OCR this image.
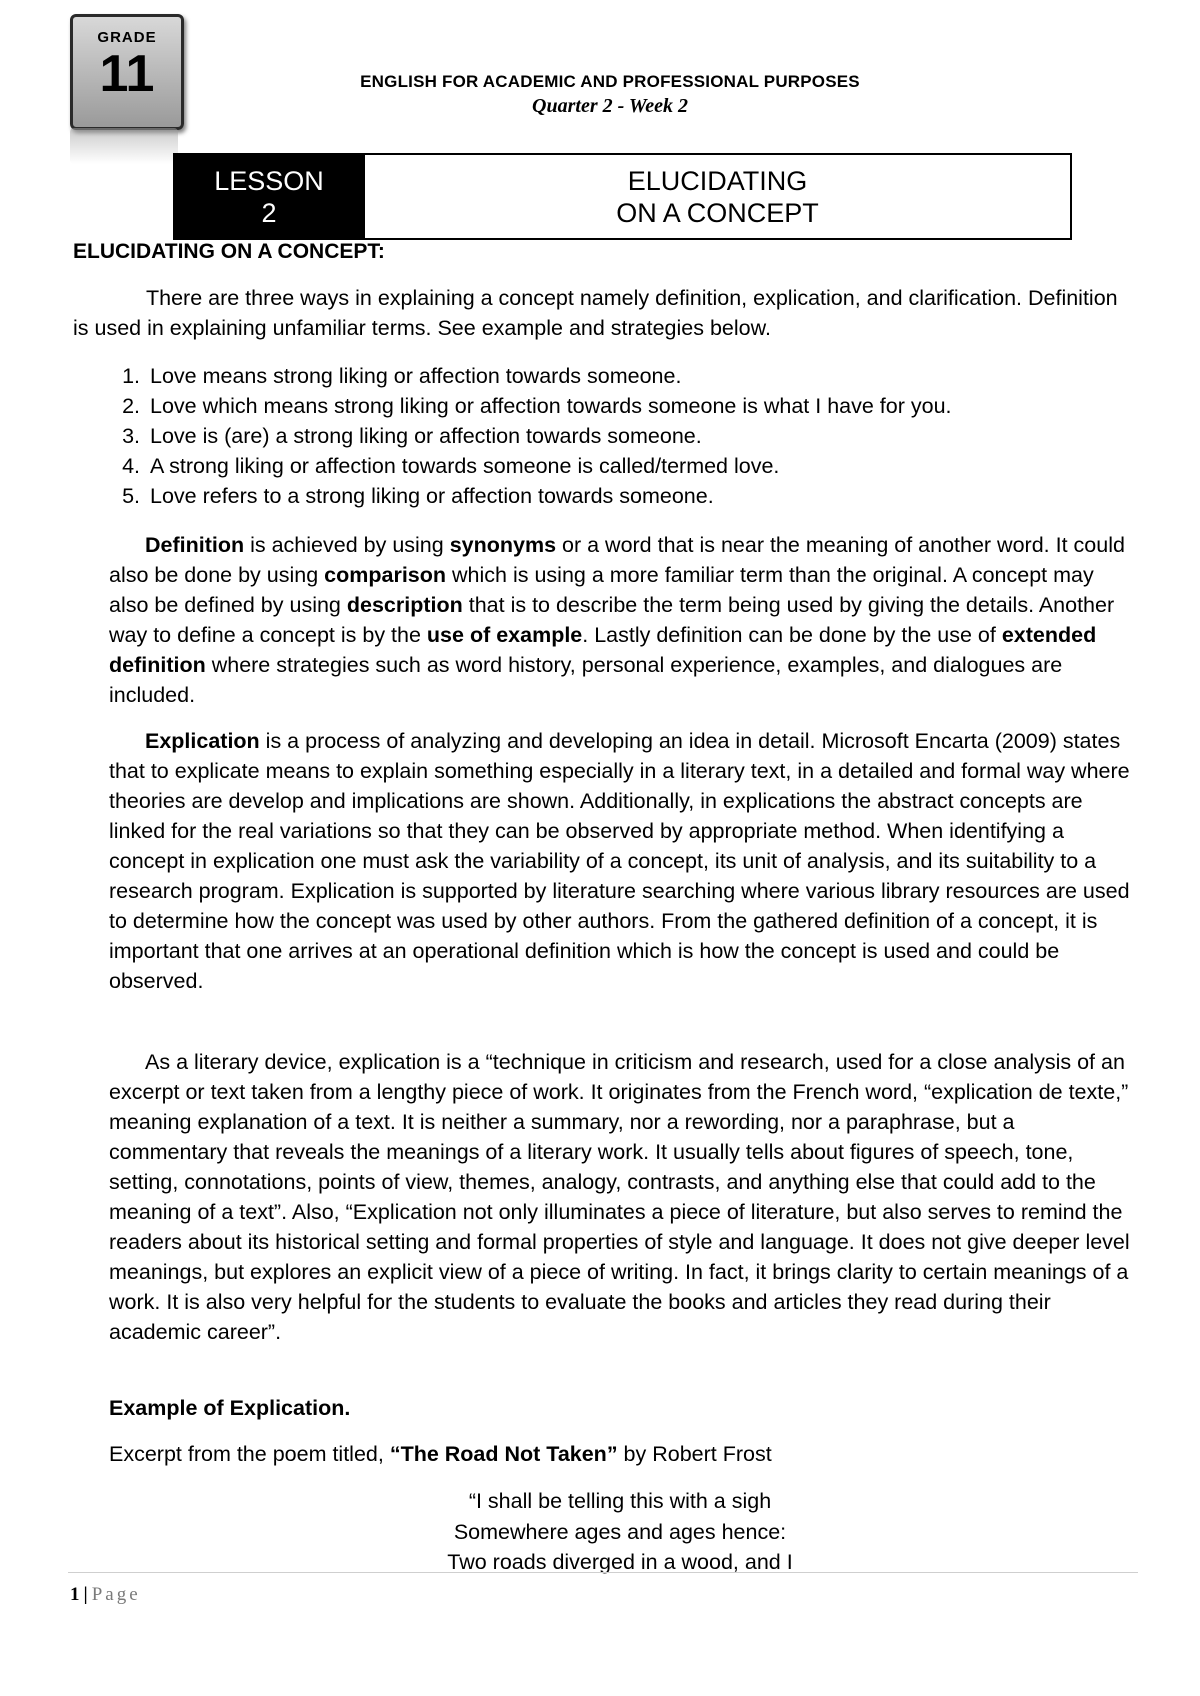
GRADE
11	ENGLISH FOR ACADEMIC AND PROFESSIONAL PURPOSES
Quarter 2 - Week 2
LESSON
2
ELUCIDATING
ON A CONCEPT
ELUCIDATING ON A CONCEPT:
There are three ways in explaining a concept namely definition, explication, and clarification. Definition is used in explaining unfamiliar terms. See example and strategies below.
1. Love means strong liking or affection towards someone.
2. Love which means strong liking or affection towards someone is what I have for you.
3. Love is (are) a strong liking or affection towards someone.
4. A strong liking or affection towards someone is called/termed love.
5. Love refers to a strong liking or affection towards someone.
Definition is achieved by using synonyms or a word that is near the meaning of another word. It could also be done by using comparison which is using a more familiar term than the original. A concept may also be defined by using description that is to describe the term being used by giving the details. Another way to define a concept is by the use of example. Lastly definition can be done by the use of extended definition where strategies such as word history, personal experience, examples, and dialogues are included.
Explication is a process of analyzing and developing an idea in detail. Microsoft Encarta (2009) states that to explicate means to explain something especially in a literary text, in a detailed and formal way where theories are develop and implications are shown. Additionally, in explications the abstract concepts are linked for the real variations so that they can be observed by appropriate method. When identifying a concept in explication one must ask the variability of a concept, its unit of analysis, and its suitability to a research program. Explication is supported by literature searching where various library resources are used to determine how the concept was used by other authors. From the gathered definition of a concept, it is important that one arrives at an operational definition which is how the concept is used and could be observed.
As a literary device, explication is a “technique in criticism and research, used for a close analysis of an excerpt or text taken from a lengthy piece of work. It originates from the French word, “explication de texte,” meaning explanation of a text. It is neither a summary, nor a rewording, nor a paraphrase, but a commentary that reveals the meanings of a literary work. It usually tells about figures of speech, tone, setting, connotations, points of view, themes, analogy, contrasts, and anything else that could add to the meaning of a text”. Also, “Explication not only illuminates a piece of literature, but also serves to remind the readers about its historical setting and formal properties of style and language. It does not give deeper level meanings, but explores an explicit view of a piece of writing. In fact, it brings clarity to certain meanings of a work. It is also very helpful for the students to evaluate the books and articles they read during their academic career”.
Example of Explication.
Excerpt from the poem titled, “The Road Not Taken” by Robert Frost
“I shall be telling this with a sigh
Somewhere ages and ages hence:
Two roads diverged in a wood, and I
1 | Page
